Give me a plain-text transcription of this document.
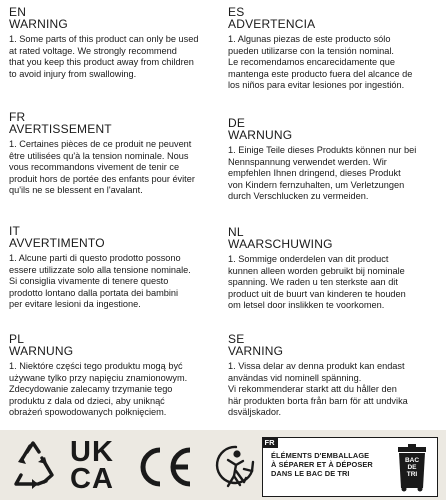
EN

WARNING

1. Some parts of this product can only be used
at rated voltage. We strongly recommend
that you keep this product away from children
to avoid injury from swallowing.

FR

AVERTISSEMENT

1. Certaines pièces de ce produit ne peuvent
être utilisées qu'à la tension nominale. Nous
vous recommandons vivement de tenir ce
produit hors de portée des enfants pour éviter
qu'ils ne se blessent en l'avalant.

IT

AVVERTIMENTO

1. Alcune parti di questo prodotto possono
essere utilizzate solo alla tensione nominale.
Si consiglia vivamente di tenere questo
prodotto lontano dalla portata dei bambini
per evitare lesioni da ingestione.

PL

WARNUNG

1. Niektóre części tego produktu mogą być
używane tylko przy napięciu znamionowym.
Zdecydowanie zalecamy trzymanie tego
produktu z dala od dzieci, aby uniknąć
obrażeń spowodowanych połknięciem.

ES

ADVERTENCIA

1. Algunas piezas de este producto sólo
pueden utilizarse con la tensión nominal.
Le recomendamos encarecidamente que
mantenga este producto fuera del alcance de
los niños para evitar lesiones por ingestión.

DE

WARNUNG

1. Einige Teile dieses Produkts können nur bei
Nennspannung verwendet werden. Wir
empfehlen Ihnen dringend, dieses Produkt
von Kindern fernzuhalten, um Verletzungen
durch Verschlucken zu vermeiden.

NL

WAARSCHUWING

1. Sommige onderdelen van dit product
kunnen alleen worden gebruikt bij nominale
spanning. We raden u ten sterkste aan dit
product uit de buurt van kinderen te houden
om letsel door inslikken te voorkomen.

SE

VARNING

1. Vissa delar av denna produkt kan endast
användas vid nominell spänning.
Vi rekommenderar starkt att du håller den
här produkten borta från barn för att undvika
dsväljskador.

UK
CA
FR
ÉLÉMENTS D'EMBALLAGE
À SÉPARER ET À DÉPOSER
DANS LE BAC DE TRI
BAC
DE
TRI
